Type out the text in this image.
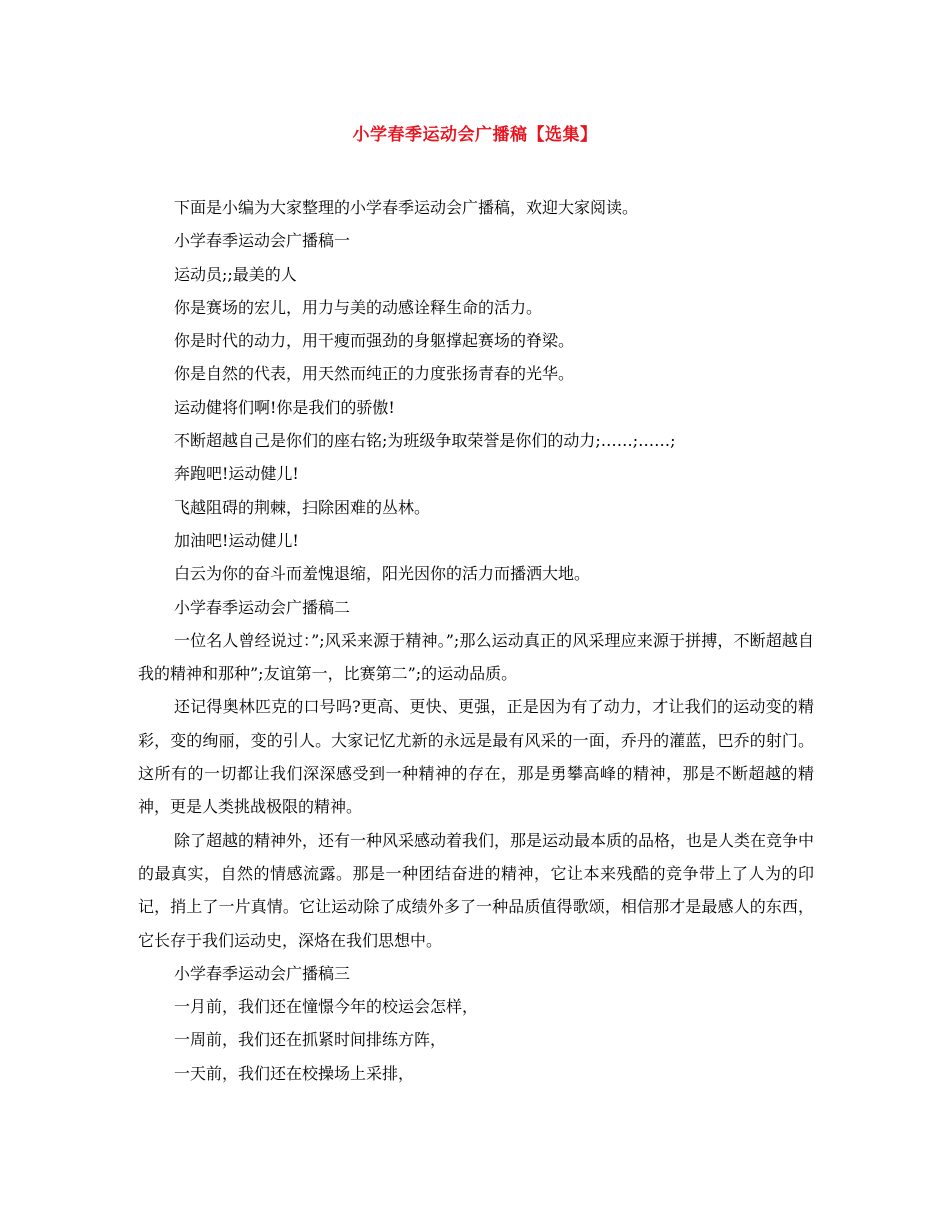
小学春季运动会广播稿【选集】

下面是小编为大家整理的小学春季运动会广播稿，欢迎大家阅读。

小学春季运动会广播稿一

运动员;;最美的人

你是赛场的宏儿，用力与美的动感诠释生命的活力。

你是时代的动力，用干瘦而强劲的身躯撑起赛场的脊梁。

你是自然的代表，用天然而纯正的力度张扬青春的光华。

运动健将们啊!你是我们的骄傲!

不断超越自己是你们的座右铭;为班级争取荣誉是你们的动力;……;……;

奔跑吧!运动健儿!

飞越阻碍的荆棘，扫除困难的丛林。

加油吧!运动健儿!

白云为你的奋斗而羞愧退缩，阳光因你的活力而播洒大地。

小学春季运动会广播稿二

一位名人曾经说过：”;风采来源于精神。”;那么运动真正的风采理应来源于拼搏，不断超越自我的精神和那种”;友谊第一，比赛第二”;的运动品质。

还记得奥林匹克的口号吗?更高、更快、更强，正是因为有了动力，才让我们的运动变的精彩，变的绚丽，变的引人。大家记忆尤新的永远是最有风采的一面，乔丹的灌蓝，巴乔的射门。这所有的一切都让我们深深感受到一种精神的存在，那是勇攀高峰的精神，那是不断超越的精神，更是人类挑战极限的精神。

除了超越的精神外，还有一种风采感动着我们，那是运动最本质的品格，也是人类在竞争中的最真实，自然的情感流露。那是一种团结奋进的精神，它让本来残酷的竞争带上了人为的印记，捎上了一片真情。它让运动除了成绩外多了一种品质值得歌颂，相信那才是最感人的东西，它长存于我们运动史，深烙在我们思想中。

小学春季运动会广播稿三

一月前，我们还在憧憬今年的校运会怎样，

一周前，我们还在抓紧时间排练方阵，

一天前，我们还在校操场上采排，
